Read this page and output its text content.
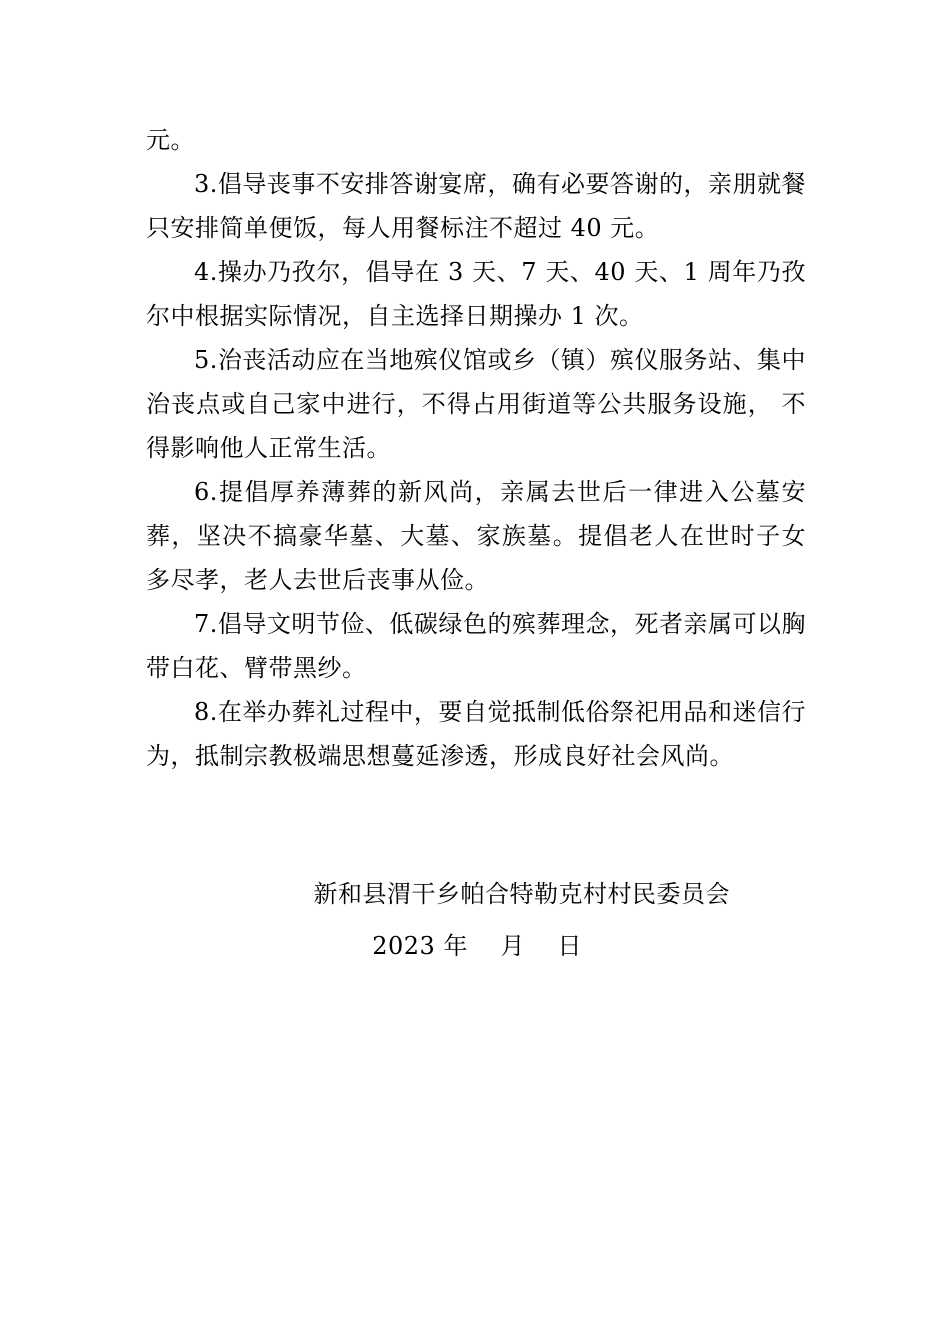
元。

3.倡导丧事不安排答谢宴席，确有必要答谢的，亲朋就餐只安排简单便饭，每人用餐标注不超过 40 元。

4.操办乃孜尔，倡导在 3 天、7 天、40 天、1 周年乃孜尔中根据实际情况，自主选择日期操办 1 次。

5.治丧活动应在当地殡仪馆或乡（镇）殡仪服务站、集中治丧点或自己家中进行，不得占用街道等公共服务设施， 不得影响他人正常生活。

6.提倡厚养薄葬的新风尚，亲属去世后一律进入公墓安葬，坚决不搞豪华墓、大墓、家族墓。提倡老人在世时子女多尽孝，老人去世后丧事从俭。

7.倡导文明节俭、低碳绿色的殡葬理念，死者亲属可以胸带白花、臂带黑纱。

8.在举办葬礼过程中，要自觉抵制低俗祭祀用品和迷信行为，抵制宗教极端思想蔓延渗透，形成良好社会风尚。

新和县渭干乡帕合特勒克村村民委员会
2023 年    月    日
